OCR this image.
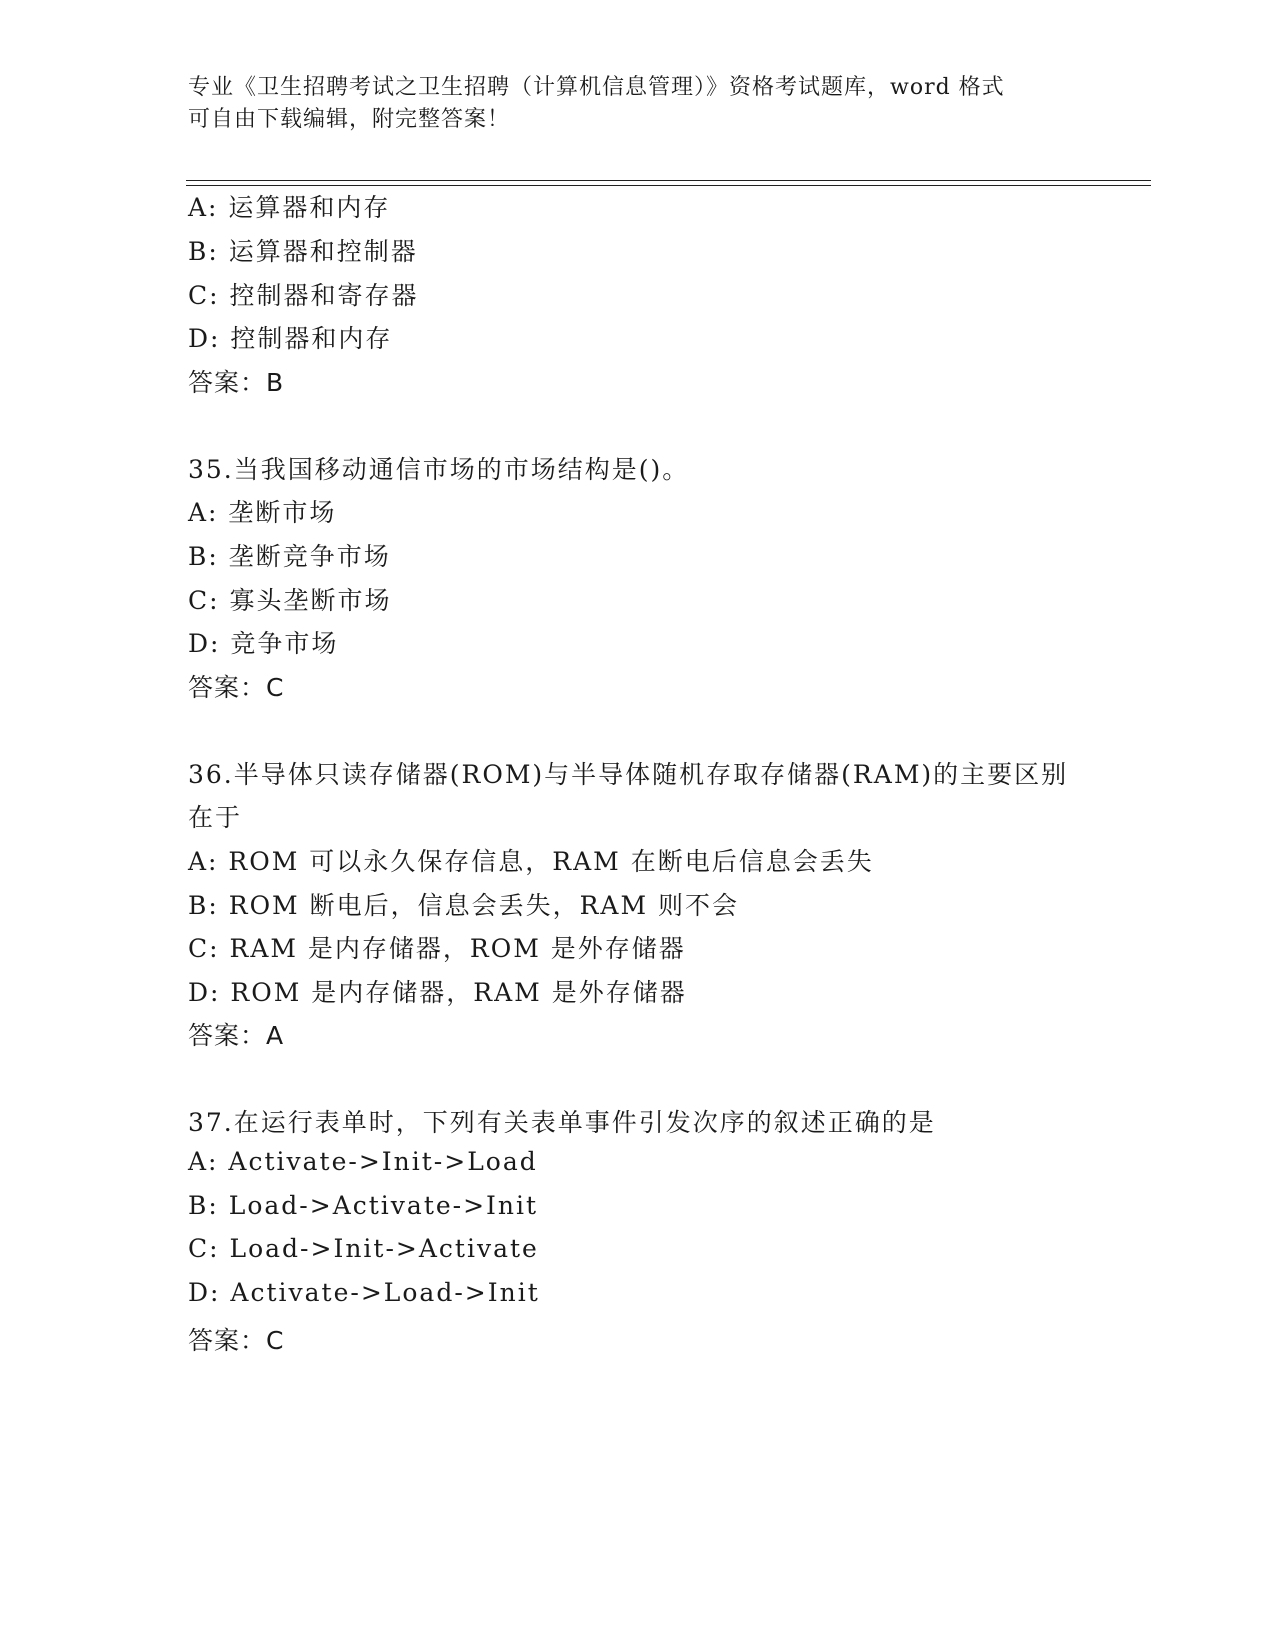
专业《卫生招聘考试之卫生招聘（计算机信息管理）》资格考试题库，word 格式
可自由下载编辑，附完整答案！
A: 运算器和内存
B: 运算器和控制器
C: 控制器和寄存器
D: 控制器和内存
答案：B
35.当我国移动通信市场的市场结构是()。
A: 垄断市场
B: 垄断竞争市场
C: 寡头垄断市场
D: 竞争市场
答案：C
36.半导体只读存储器(ROM)与半导体随机存取存储器(RAM)的主要区别
在于
A: ROM 可以永久保存信息，RAM 在断电后信息会丢失
B: ROM 断电后，信息会丢失，RAM 则不会
C: RAM 是内存储器，ROM 是外存储器
D: ROM 是内存储器，RAM 是外存储器
答案：A
37.在运行表单时，下列有关表单事件引发次序的叙述正确的是
A: Activate->Init->Load
B: Load->Activate->Init
C: Load->Init->Activate
D: Activate->Load->Init
答案：C
